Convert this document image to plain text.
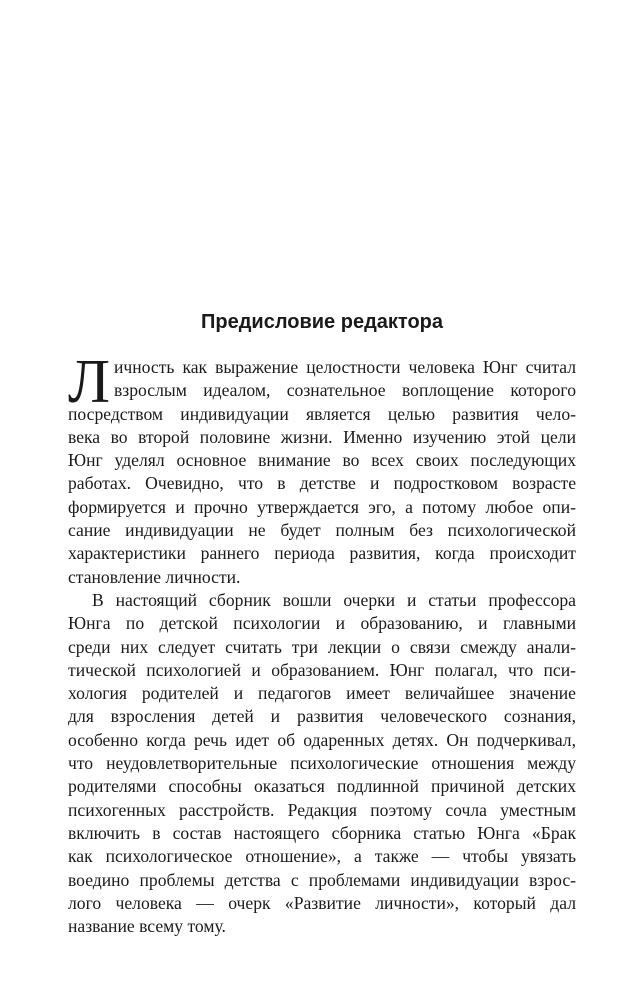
Предисловие редактора
Л ичность как выражение целостности человека Юнг считал
взрослым идеалом, сознательное воплощение которого
посредством индивидуации является целью развития чело-
века во второй половине жизни. Именно изучению этой цели
Юнг уделял основное внимание во всех своих последующих
работах. Очевидно, что в детстве и подростковом возрасте
формируется и прочно утверждается эго, а потому любое опи-
сание индивидуации не будет полным без психологической
характеристики раннего периода развития, когда происходит
становление личности.
В настоящий сборник вошли очерки и статьи профессора
Юнга по детской психологии и образованию, и главными
среди них следует считать три лекции о связи смежду анали-
тической психологией и образованием. Юнг полагал, что пси-
хология родителей и педагогов имеет величайшее значение
для взросления детей и развития человеческого сознания,
особенно когда речь идет об одаренных детях. Он подчеркивал,
что неудовлетворительные психологические отношения между
родителями способны оказаться подлинной причиной детских
психогенных расстройств. Редакция поэтому сочла уместным
включить в состав настоящего сборника статью Юнга «Брак
как психологическое отношение», а также — чтобы увязать
воедино проблемы детства с проблемами индивидуации взрос-
лого человека — очерк «Развитие личности», который дал
название всему тому.
